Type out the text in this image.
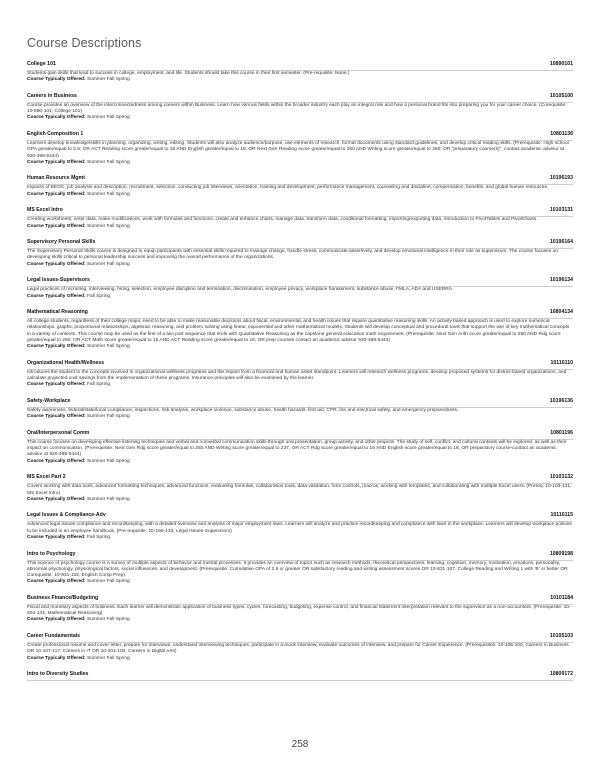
Course Descriptions
College 101	10890101
Students gain skills that lead to success in college, employment, and life. Students should take this course in their first semester. (Pre-requisite: None.)
Course Typically Offered: Summer Fall Spring
Careers in Business	10105100
Course provides an overview of the interconnectedness among careers within Business. Learn how various fields within the broader industry each play an integral role and how a personal brand fits into preparing you for your career choice. (Corequisite: 10-890-101, College 101)
Course Typically Offered: Summer Fall Spring
English Composition 1	10801136
Learners develop knowledge/skills in planning, organizing, writing, editing. Students will also analyze audience/purpose, use elements of research, format documents using standard guidelines, and develop critical reading skills. (Prerequisite: High school GPA greater/equal to 2.6; OR ACT Reading score greater/equal to 16 AND English greater/equal to 18; OR Next Gen Reading score greater/equal to 250 AND Writing score greater/equal to 260; OR "preparatory course(s)", contact academic advisor at 920-498-5444)
Course Typically Offered: Summer Fall Spring
Human Resource Mgmt	10196193
Impacts of EEOC, job analysis and description, recruitment, selection, conducting job interviews, orientation, training and development, performance management, counseling and discipline, compensation, benefits, and global human resources.
Course Typically Offered: Summer Fall Spring
MS Excel Intro	10103131
Creating worksheets; enter data, make modifications, work with formulas and functions, create and enhance charts, manage data, transform data, conditional formatting, importing/exporting data, introduction to PivotTables and PivotCharts.
Course Typically Offered: Summer Fall Spring
Supervisory Personal Skills	10196164
The Supervisory Personal Skills course is designed to equip participants with essential skills required to manage change, handle stress, communicate assertively, and develop emotional intelligence in their role as supervisors. The course focuses on developing skills critical to personal leadership success and improving the overall performance of the organizations.
Course Typically Offered: Summer Fall Spring
Legal Issues-Supervisors	10196134
Legal practices of recruiting, interviewing, hiring, selection, employee discipline and termination, discrimination, employee privacy, workplace harassment, substance abuse, FMLA, ADA and USERRA.
Course Typically Offered: Fall Spring
Mathematical Reasoning	10804134
All college students, regardless of their college major, need to be able to make reasonable decisions about fiscal, environmental, and health issues that require quantitative reasoning skills. An activity based approach is used to explore numerical relationships, graphs, proportional relationships, algebraic reasoning, and problem solving using linear, exponential and other mathematical models. Students will develop conceptual and procedural tools that support the use of key mathematical concepts in a variety of contexts. This course may be used as the first of a two part sequence that ends with Quantitative Reasoning as the capstone general education math requirement. (Prerequisite: Next Gen Arith score greater/equal to 250 AND Rdg score greater/equal to 250; OR ACT Math score greater/equal to 15 AND ACT Reading score greater/equal to 16; OR prep courses contact an academic advisor 920-498-5444)
Course Typically Offered: Summer Fall Spring
Organizational Health/Wellness	10116110
Introduces the student to the concepts involved in organizational wellness programs and the impact from a financial and human asset standpoint. Learners will research wellness programs, develop proposed systems for district-based organizations, and calculate projected cost savings from the implementation of these programs. Insurance principles will also be examined by the learner.
Course Typically Offered: Fall Spring
Safety-Workplace	10196136
Safety awareness, federal/state/local compliance, inspections, risk analysis, workplace violence, substance abuse, health hazards, first aid, CPR, fire and electrical safety, and emergency preparedness.
Course Typically Offered: Summer Fall Spring
Oral/Interpersonal Comm	10801196
This course focuses on developing effective listening techniques and verbal and nonverbal communication skills through oral presentation, group activity, and other projects. The study of self, conflict, and cultural contexts will be explored, as well as their impact on communication. (Prerequisite: Next Gen Rdg score greater/equal to 250 AND Writing score greater/equal to 237; OR ACT Rdg score greater/equal to 16 AND English score greater/equal to 16; OR preparatory course-contact an academic advisor at 920-498-5444)
Course Typically Offered: Summer Fall Spring
MS Excel Part 2	10103132
Covers working with data tools, advanced formatting techniques, advanced functions, evaluating formulas, collaboration tools, data validation, form controls, macros, working with templates, and collaborating with multiple Excel users. (Prereq: 10-103-131, MS Excel Intro)
Course Typically Offered: Summer Fall Spring
Legal Issues & Compliance-Adv	10116115
Advanced legal issues compliance and recordkeeping, with a detailed overview and analysis of major employment laws. Learners will analyze and practice recordkeeping and compliance with laws in the workplace. Learners will develop workplace policies to be included in an employee handbook. (Pre-requisite: 10-196-134, Legal Issues-Supervisors)
Course Typically Offered: Fall Spring
Intro to Psychology	10809198
This science of psychology course is a survey of multiple aspects of behavior and mental processes. It provides an overview of topics such as research methods, theoretical perspectives, learning, cognition, memory, motivation, emotions, personality, abnormal psychology, physiological factors, social influences, and development. (Prerequisite: Cumulative GPA of 2.6 or greater OR satisfactory reading and writing assessment scores OR 10-831-107, College Reading and Writing 1 with 'B' or better OR Corequisite: 10-831-102, English Comp Prep).
Course Typically Offered: Summer Fall Spring
Business Finance/Budgeting	10101184
Fiscal and monetary aspects of business. Each learner will demonstrate application of business types, cycles, forecasting, budgeting, expense control, and financial statement interpretation relevant to the supervisor as a non-accountant. (Prerequisite: 10-804-134, Mathematical Reasoning)
Course Typically Offered: Summer Fall Spring
Career Fundamentals	10105103
Create professional resume and cover letter, prepare for interviews, understand interviewing techniques, participate in a mock interview, evaluate outcomes of interview, and prepare for Career Experience. (Prerequisites: 10-105-100, Careers in Business OR 10-107-117, Careers in IT OR 10-201-100, Careers in Digital Arts)
Course Typically Offered: Summer Fall Spring
Intro to Diversity Studies	10809172
258
